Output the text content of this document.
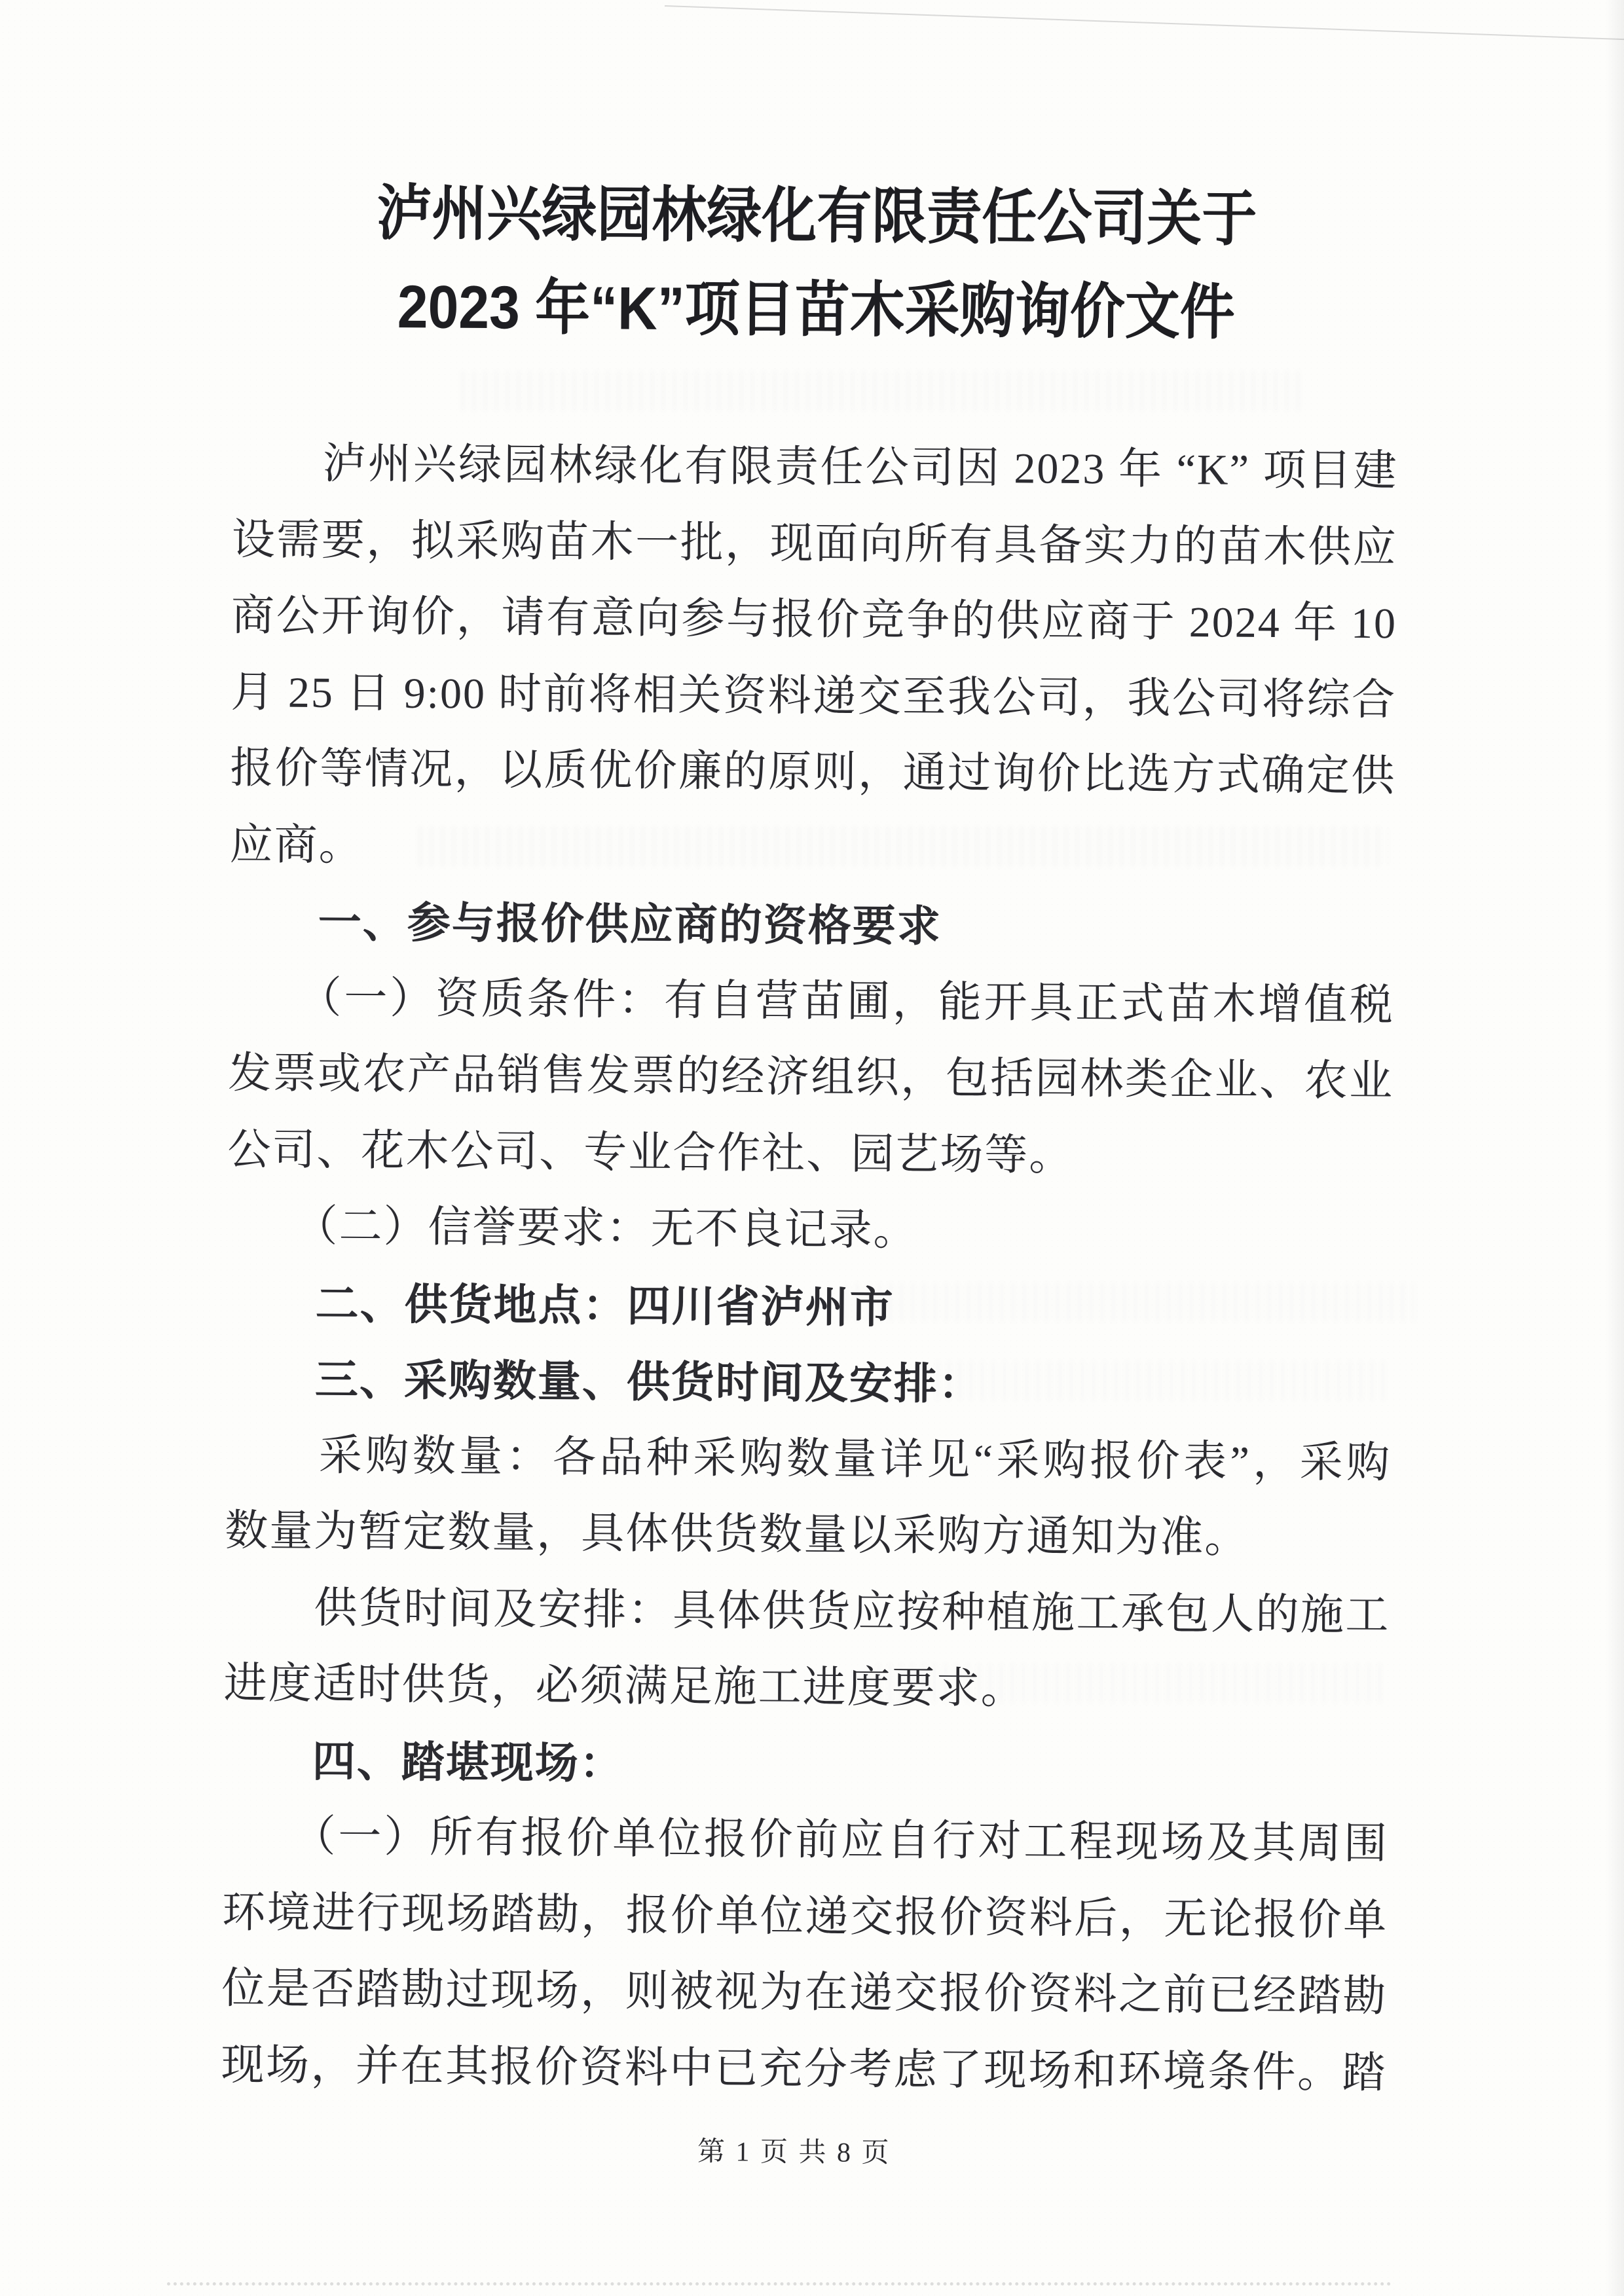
泸州兴绿园林绿化有限责任公司关于
2023 年“K”项目苗木采购询价文件
　　泸州兴绿园林绿化有限责任公司因 2023 年 “K” 项目建
设需要，拟采购苗木一批，现面向所有具备实力的苗木供应
商公开询价，请有意向参与报价竞争的供应商于 2024 年 10
月 25 日 9:00 时前将相关资料递交至我公司，我公司将综合
报价等情况，以质优价廉的原则，通过询价比选方式确定供
应商。
　　一、参与报价供应商的资格要求
　　（一）资质条件：有自营苗圃，能开具正式苗木增值税
发票或农产品销售发票的经济组织，包括园林类企业、农业
公司、花木公司、专业合作社、园艺场等。
　　（二）信誉要求：无不良记录。
　　二、供货地点：四川省泸州市
　　三、采购数量、供货时间及安排：
　　采购数量：各品种采购数量详见“采购报价表”，采购
数量为暂定数量，具体供货数量以采购方通知为准。
　　供货时间及安排：具体供货应按种植施工承包人的施工
进度适时供货，必须满足施工进度要求。
　　四、踏堪现场：
　　（一）所有报价单位报价前应自行对工程现场及其周围
环境进行现场踏勘，报价单位递交报价资料后，无论报价单
位是否踏勘过现场，则被视为在递交报价资料之前已经踏勘
现场，并在其报价资料中已充分考虑了现场和环境条件。踏
第 1 页 共 8 页
